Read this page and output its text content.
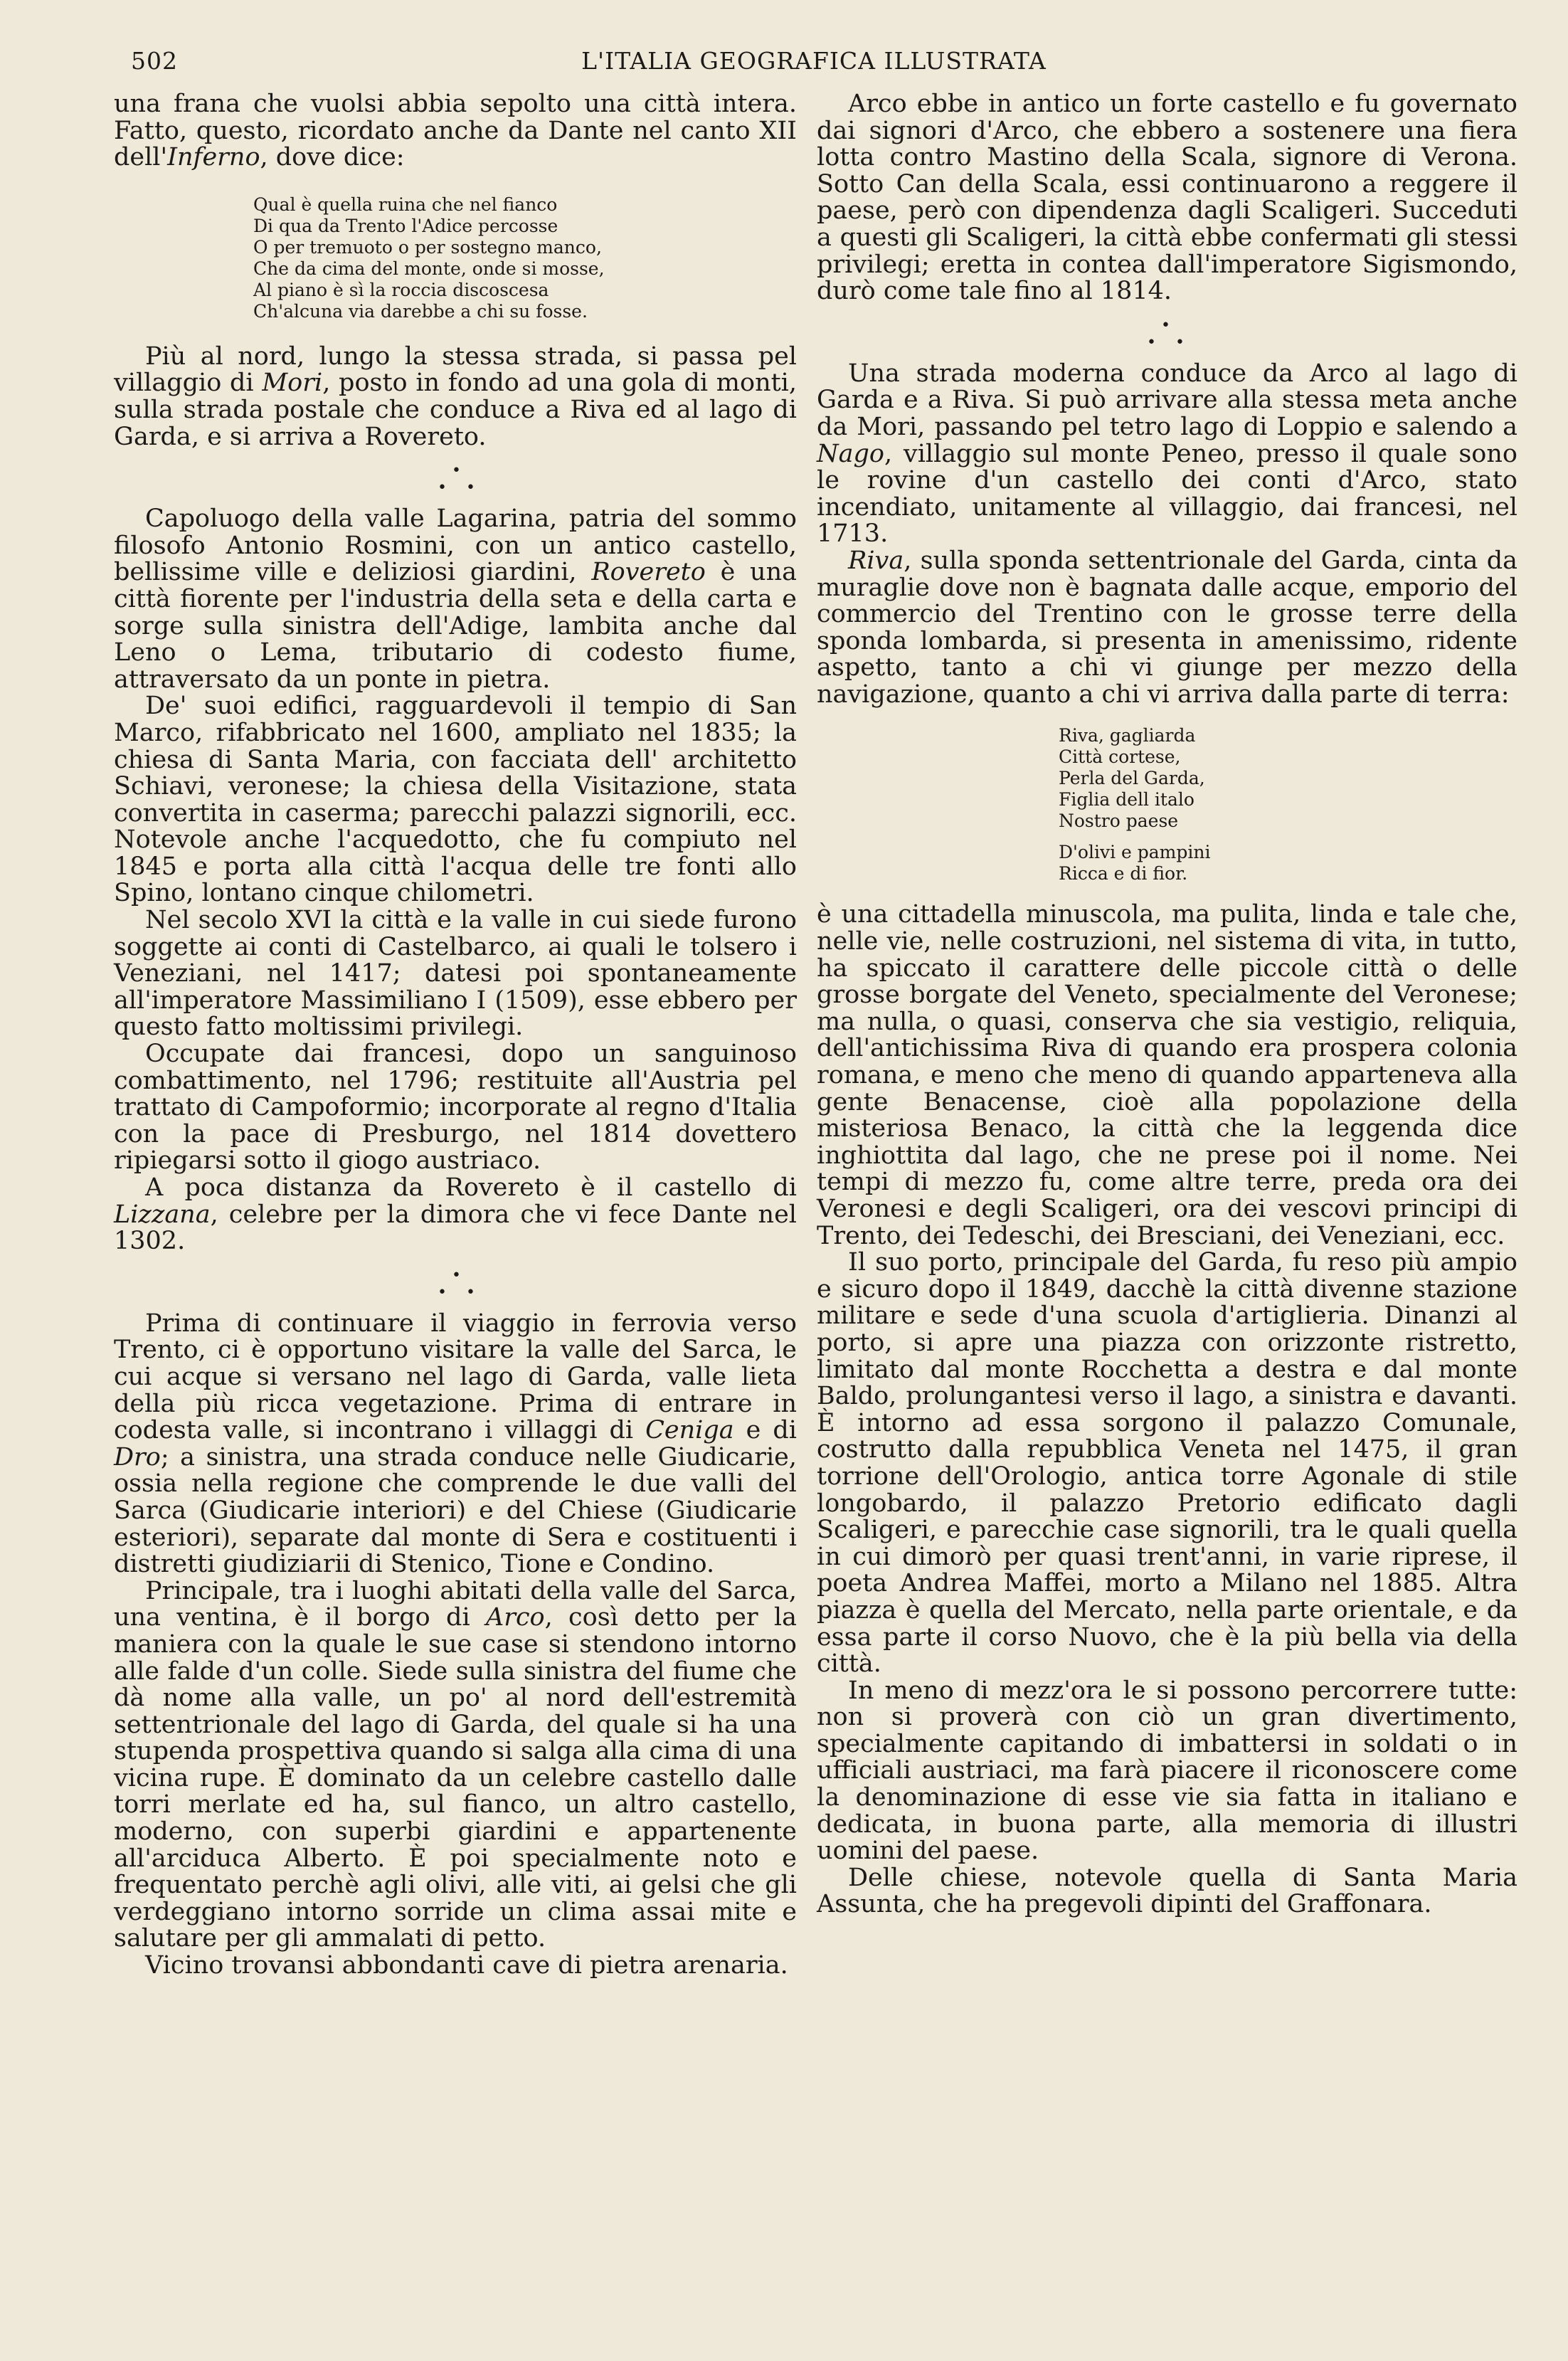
502	L'ITALIA GEOGRAFICA ILLUSTRATA

una frana che vuolsi abbia sepolto una città intera. Fatto, questo, ricordato anche da Dante nel canto XII dell'Inferno, dove dice:

Qual è quella ruina che nel fianco
Di qua da Trento l'Adice percosse
O per tremuoto o per sostegno manco,
Che da cima del monte, onde si mosse,
Al piano è sì la roccia discoscesa
Ch'alcuna via darebbe a chi su fosse.

Più al nord, lungo la stessa strada, si passa pel villaggio di Mori, posto in fondo ad una gola di monti, sulla strada postale che conduce a Riva ed al lago di Garda, e si arriva a Rovereto.

•
• •

Capoluogo della valle Lagarina, patria del sommo filosofo Antonio Rosmini, con un antico castello, bellissime ville e deliziosi giardini, Rovereto è una città fiorente per l'industria della seta e della carta e sorge sulla sinistra dell'Adige, lambita anche dal Leno o Lema, tributario di codesto fiume, attraversato da un ponte in pietra.

De' suoi edifici, ragguardevoli il tempio di San Marco, rifabbricato nel 1600, ampliato nel 1835; la chiesa di Santa Maria, con facciata dell' architetto Schiavi, veronese; la chiesa della Visitazione, stata convertita in caserma; parecchi palazzi signorili, ecc. Notevole anche l'acquedotto, che fu compiuto nel 1845 e porta alla città l'acqua delle tre fonti allo Spino, lontano cinque chilometri.

Nel secolo XVI la città e la valle in cui siede furono soggette ai conti di Castelbarco, ai quali le tolsero i Veneziani, nel 1417; datesi poi spontaneamente all'imperatore Massimiliano I (1509), esse ebbero per questo fatto moltissimi privilegi.

Occupate dai francesi, dopo un sanguinoso combattimento, nel 1796; restituite all'Austria pel trattato di Campoformio; incorporate al regno d'Italia con la pace di Presburgo, nel 1814 dovettero ripiegarsi sotto il giogo austriaco.

A poca distanza da Rovereto è il castello di Lizzana, celebre per la dimora che vi fece Dante nel 1302.

•
• •

Prima di continuare il viaggio in ferrovia verso Trento, ci è opportuno visitare la valle del Sarca, le cui acque si versano nel lago di Garda, valle lieta della più ricca vegetazione. Prima di entrare in codesta valle, si incontrano i villaggi di Ceniga e di Dro; a sinistra, una strada conduce nelle Giudicarie, ossia nella regione che comprende le due valli del Sarca (Giudicarie interiori) e del Chiese (Giudicarie esteriori), separate dal monte di Sera e costituenti i distretti giudiziarii di Stenico, Tione e Condino.

Principale, tra i luoghi abitati della valle del Sarca, una ventina, è il borgo di Arco, così detto per la maniera con la quale le sue case si stendono intorno alle falde d'un colle. Siede sulla sinistra del fiume che dà nome alla valle, un po' al nord dell'estremità settentrionale del lago di Garda, del quale si ha una stupenda prospettiva quando si salga alla cima di una vicina rupe. È dominato da un celebre castello dalle torri merlate ed ha, sul fianco, un altro castello, moderno, con superbi giardini e appartenente all'arciduca Alberto. È poi specialmente noto e frequentato perchè agli olivi, alle viti, ai gelsi che gli verdeggiano intorno sorride un clima assai mite e salutare per gli ammalati di petto.

Vicino trovansi abbondanti cave di pietra arenaria.

Arco ebbe in antico un forte castello e fu governato dai signori d'Arco, che ebbero a sostenere una fiera lotta contro Mastino della Scala, signore di Verona. Sotto Can della Scala, essi continuarono a reggere il paese, però con dipendenza dagli Scaligeri. Succeduti a questi gli Scaligeri, la città ebbe confermati gli stessi privilegi; eretta in contea dall'imperatore Sigismondo, durò come tale fino al 1814.

•
• •

Una strada moderna conduce da Arco al lago di Garda e a Riva. Si può arrivare alla stessa meta anche da Mori, passando pel tetro lago di Loppio e salendo a Nago, villaggio sul monte Peneo, presso il quale sono le rovine d'un castello dei conti d'Arco, stato incendiato, unitamente al villaggio, dai francesi, nel 1713.

Riva, sulla sponda settentrionale del Garda, cinta da muraglie dove non è bagnata dalle acque, emporio del commercio del Trentino con le grosse terre della sponda lombarda, si presenta in amenissimo, ridente aspetto, tanto a chi vi giunge per mezzo della navigazione, quanto a chi vi arriva dalla parte di terra:

Riva, gagliarda
Città cortese,
Perla del Garda,
Figlia dell italo
Nostro paese
D'olivi e pampini
Ricca e di fior.

è una cittadella minuscola, ma pulita, linda e tale che, nelle vie, nelle costruzioni, nel sistema di vita, in tutto, ha spiccato il carattere delle piccole città o delle grosse borgate del Veneto, specialmente del Veronese; ma nulla, o quasi, conserva che sia vestigio, reliquia, dell'antichissima Riva di quando era prospera colonia romana, e meno che meno di quando apparteneva alla gente Benacense, cioè alla popolazione della misteriosa Benaco, la città che la leggenda dice inghiottita dal lago, che ne prese poi il nome. Nei tempi di mezzo fu, come altre terre, preda ora dei Veronesi e degli Scaligeri, ora dei vescovi principi di Trento, dei Tedeschi, dei Bresciani, dei Veneziani, ecc.

Il suo porto, principale del Garda, fu reso più ampio e sicuro dopo il 1849, dacchè la città divenne stazione militare e sede d'una scuola d'artiglieria. Dinanzi al porto, si apre una piazza con orizzonte ristretto, limitato dal monte Rocchetta a destra e dal monte Baldo, prolungantesi verso il lago, a sinistra e davanti. È intorno ad essa sorgono il palazzo Comunale, costrutto dalla repubblica Veneta nel 1475, il gran torrione dell'Orologio, antica torre Agonale di stile longobardo, il palazzo Pretorio edificato dagli Scaligeri, e parecchie case signorili, tra le quali quella in cui dimorò per quasi trent'anni, in varie riprese, il poeta Andrea Maffei, morto a Milano nel 1885. Altra piazza è quella del Mercato, nella parte orientale, e da essa parte il corso Nuovo, che è la più bella via della città.

In meno di mezz'ora le si possono percorrere tutte: non si proverà con ciò un gran divertimento, specialmente capitando di imbattersi in soldati o in ufficiali austriaci, ma farà piacere il riconoscere come la denominazione di esse vie sia fatta in italiano e dedicata, in buona parte, alla memoria di illustri uomini del paese.

Delle chiese, notevole quella di Santa Maria Assunta, che ha pregevoli dipinti del Graffonara.
